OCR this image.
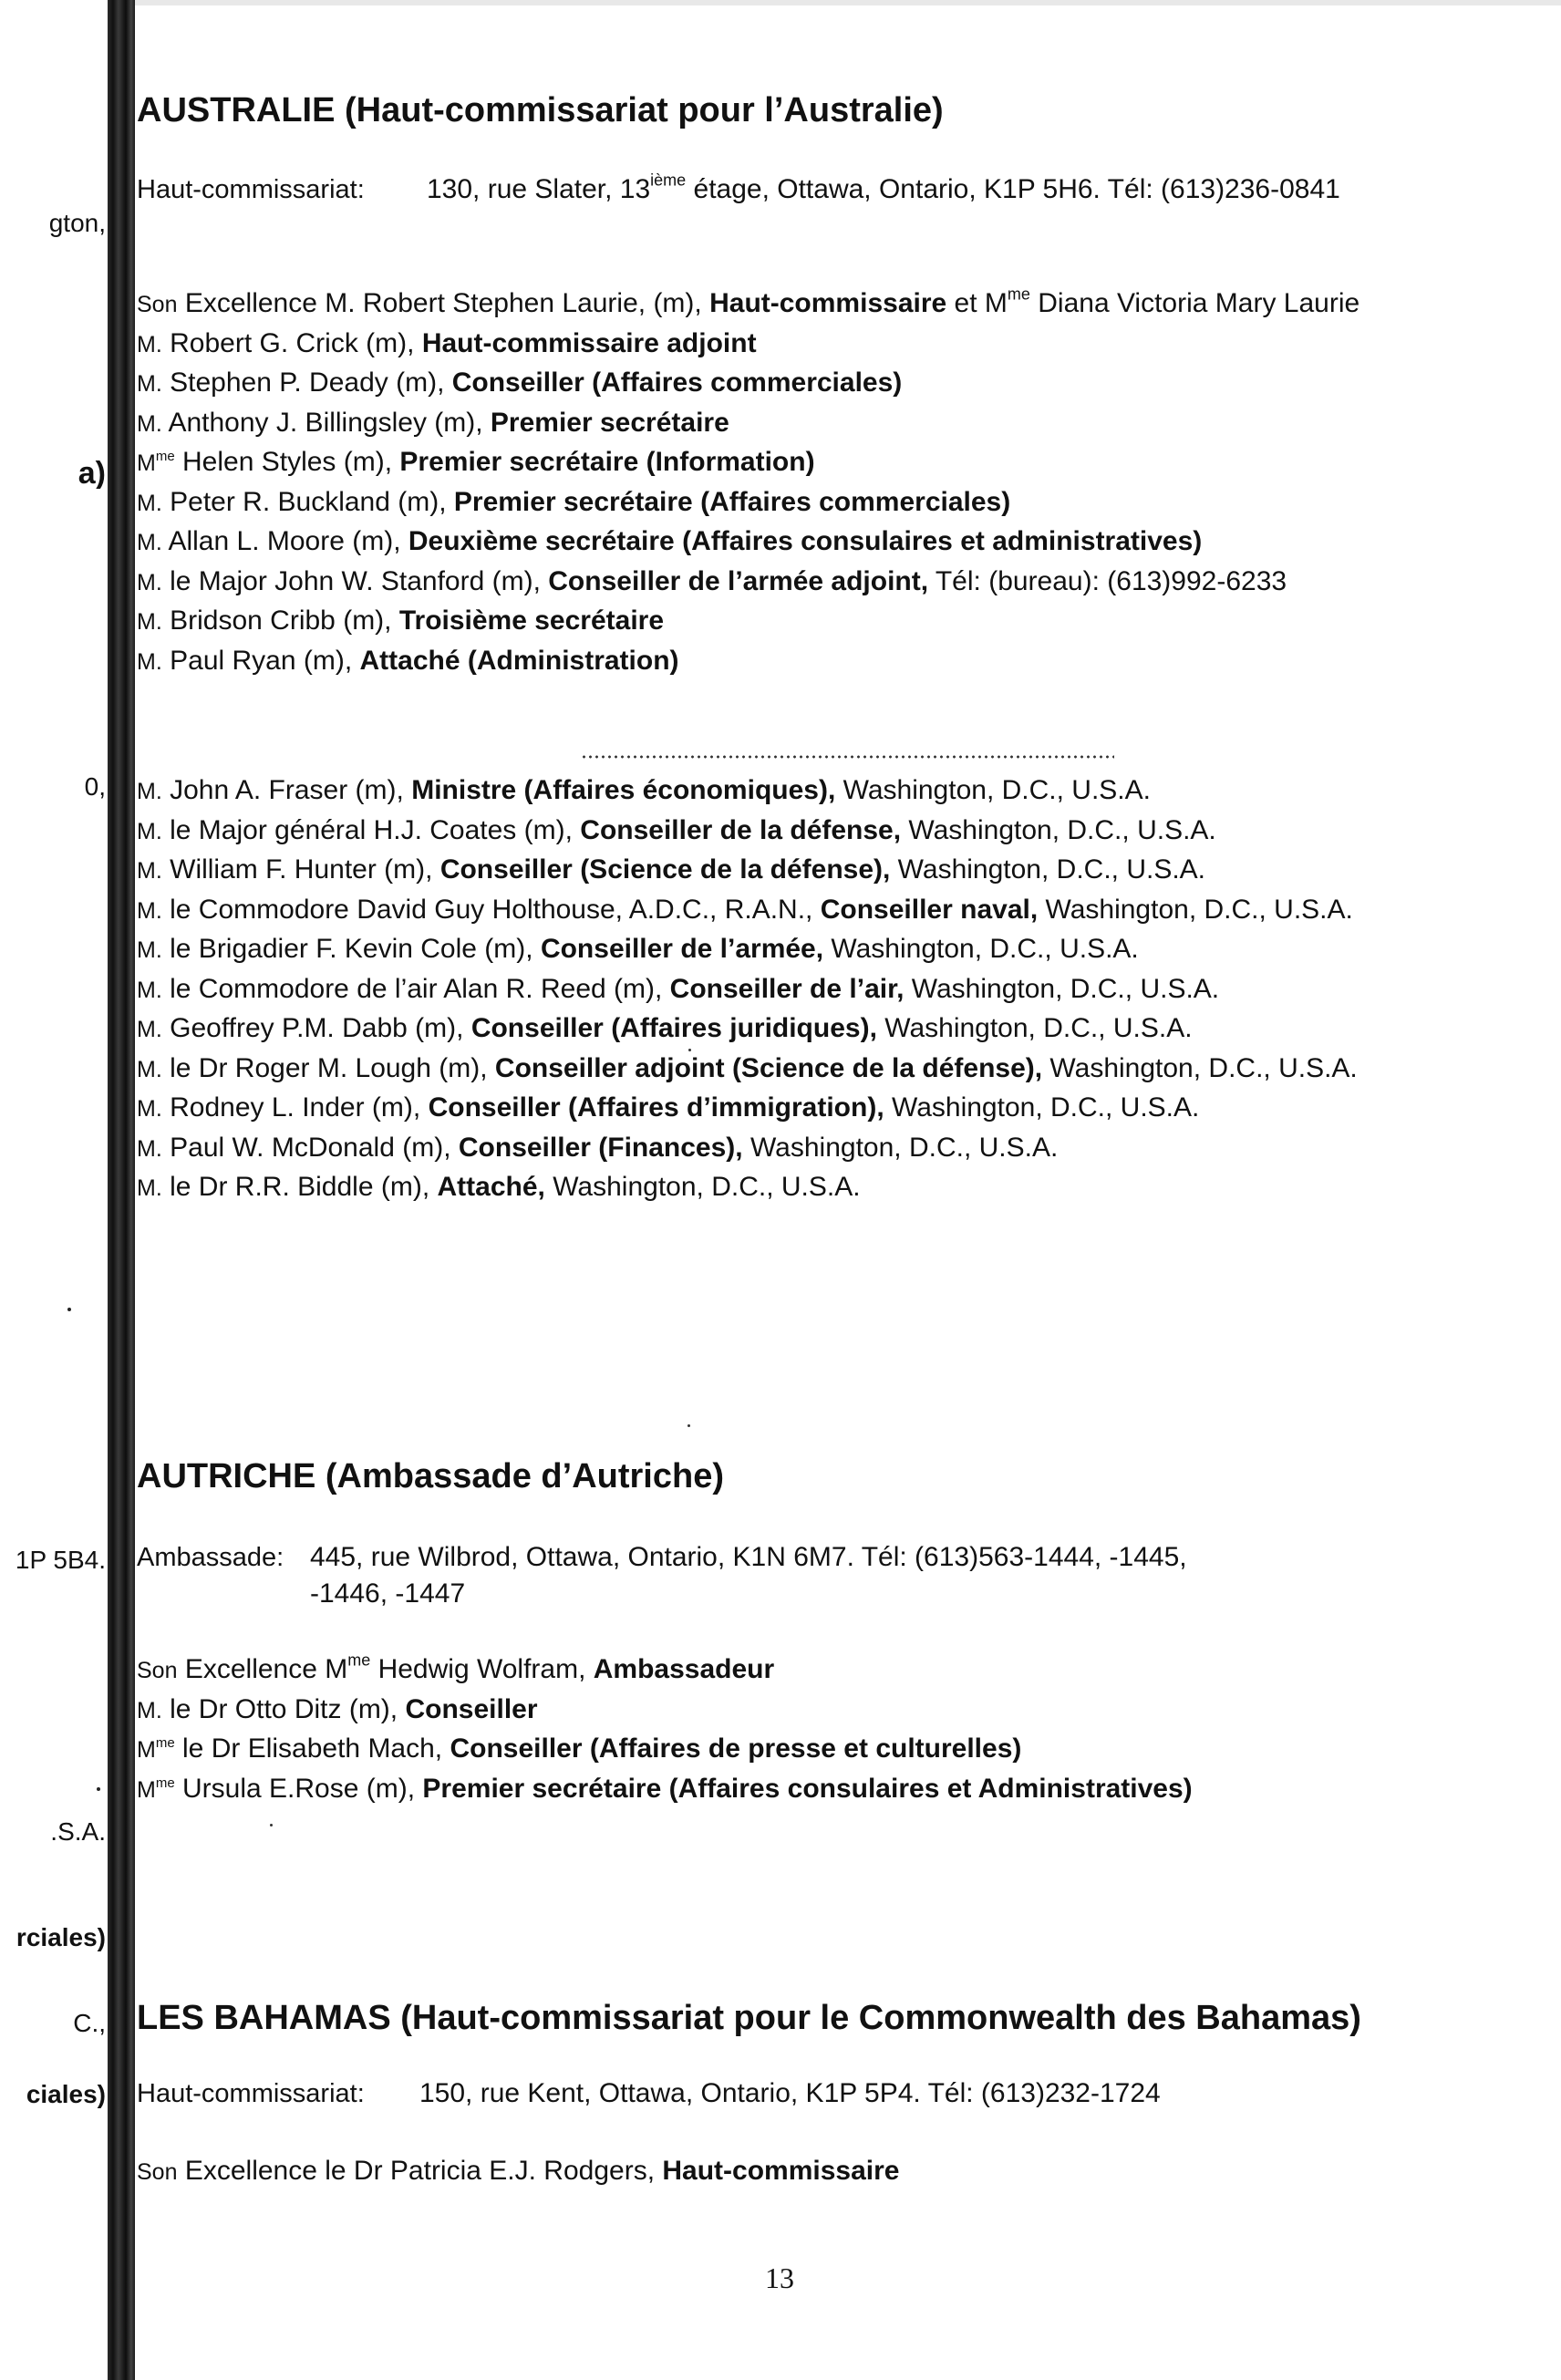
gton,
a)
0,
1P 5B4.
.S.A.
rciales)
C.,
ciales)
AUSTRALIE (Haut-commissariat pour l’Australie)
Haut-commissariat: 130, rue Slater, 13ième étage, Ottawa, Ontario, K1P 5H6. Tél: (613)236-0841
Son Excellence M. Robert Stephen Laurie, (m), Haut-commissaire et $M^{me}$ Diana Victoria Mary Laurie
M. Robert G. Crick (m), Haut-commissaire adjoint
M. Stephen P. Deady (m), Conseiller (Affaires commerciales)
M. Anthony J. Billingsley (m), Premier secrétaire
$M^{me}$ Helen Styles (m), Premier secrétaire (Information)
M. Peter R. Buckland (m), Premier secrétaire (Affaires commerciales)
M. Allan L. Moore (m), Deuxième secrétaire (Affaires consulaires et administratives)
M. le Major John W. Stanford (m), Conseiller de l’armée adjoint, Tél: (bureau): (613)992-6233
M. Bridson Cribb (m), Troisième secrétaire
M. Paul Ryan (m), Attaché (Administration)
M. John A. Fraser (m), Ministre (Affaires économiques), Washington, D.C., U.S.A.
M. le Major général H.J. Coates (m), Conseiller de la défense, Washington, D.C., U.S.A.
M. William F. Hunter (m), Conseiller (Science de la défense), Washington, D.C., U.S.A.
M. le Commodore David Guy Holthouse, A.D.C., R.A.N., Conseiller naval, Washington, D.C., U.S.A.
M. le Brigadier F. Kevin Cole (m), Conseiller de l’armée, Washington, D.C., U.S.A.
M. le Commodore de l’air Alan R. Reed (m), Conseiller de l’air, Washington, D.C., U.S.A.
M. Geoffrey P.M. Dabb (m), Conseiller (Affaires juridiques), Washington, D.C., U.S.A.
M. le Dr Roger M. Lough (m), Conseiller adjoint (Science de la défense), Washington, D.C., U.S.A.
M. Rodney L. Inder (m), Conseiller (Affaires d’immigration), Washington, D.C., U.S.A.
M. Paul W. McDonald (m), Conseiller (Finances), Washington, D.C., U.S.A.
M. le Dr R.R. Biddle (m), Attaché, Washington, D.C., U.S.A.
AUTRICHE (Ambassade d’Autriche)
Ambassade: 445, rue Wilbrod, Ottawa, Ontario, K1N 6M7. Tél: (613)563-1444, -1445, -1446, -1447
Son Excellence $M^{me}$ Hedwig Wolfram, Ambassadeur
M. le Dr Otto Ditz (m), Conseiller
$M^{me}$ le Dr Elisabeth Mach, Conseiller (Affaires de presse et culturelles)
$M^{me}$ Ursula E.Rose (m), Premier secrétaire (Affaires consulaires et Administratives)
LES BAHAMAS (Haut-commissariat pour le Commonwealth des Bahamas)
Haut-commissariat: 150, rue Kent, Ottawa, Ontario, K1P 5P4. Tél: (613)232-1724
Son Excellence le Dr Patricia E.J. Rodgers, Haut-commissaire
13
